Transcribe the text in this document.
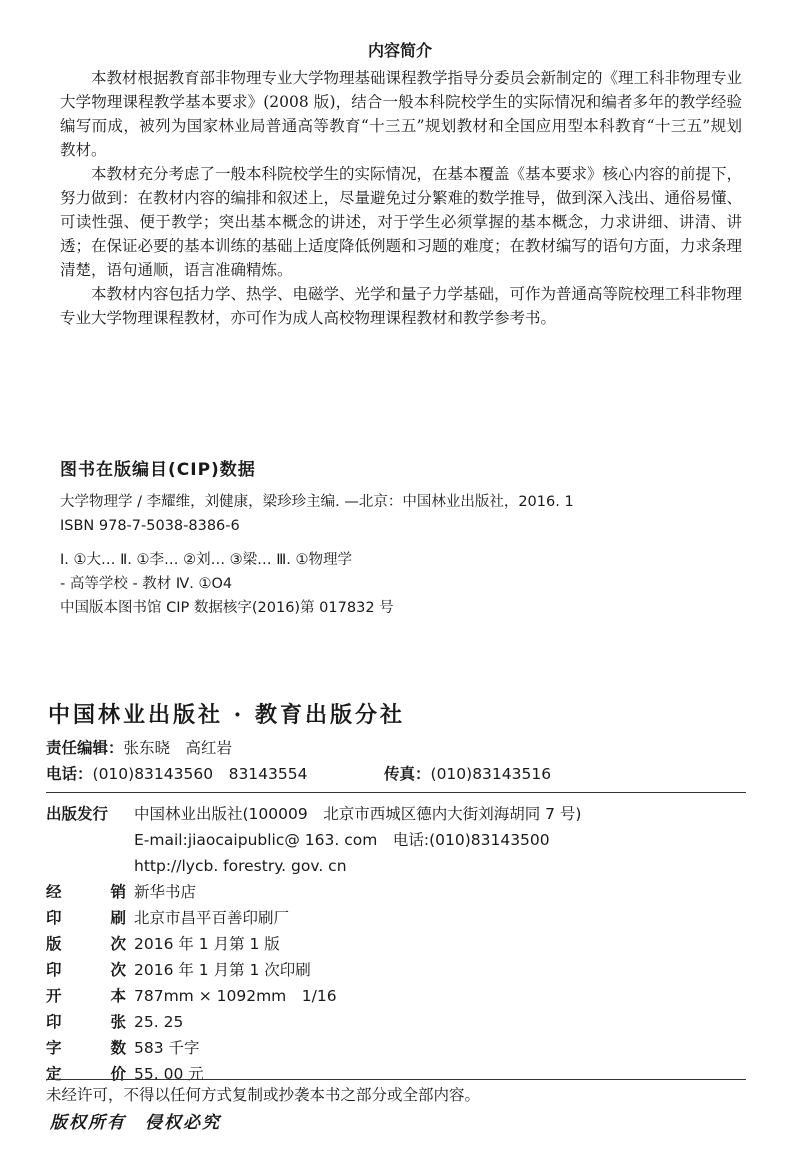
内容简介

本教材根据教育部非物理专业大学物理基础课程教学指导分委员会新制定的《理工科非物理专业大学物理课程教学基本要求》(2008 版)，结合一般本科院校学生的实际情况和编者多年的教学经验编写而成，被列为国家林业局普通高等教育“十三五”规划教材和全国应用型本科教育“十三五”规划教材。

本教材充分考虑了一般本科院校学生的实际情况，在基本覆盖《基本要求》核心内容的前提下，努力做到：在教材内容的编排和叙述上，尽量避免过分繁难的数学推导，做到深入浅出、通俗易懂、可读性强、便于教学；突出基本概念的讲述，对于学生必须掌握的基本概念，力求讲细、讲清、讲透；在保证必要的基本训练的基础上适度降低例题和习题的难度；在教材编写的语句方面，力求条理清楚，语句通顺，语言准确精炼。

本教材内容包括力学、热学、电磁学、光学和量子力学基础，可作为普通高等院校理工科非物理专业大学物理课程教材，亦可作为成人高校物理课程教材和教学参考书。

图书在版编目(CIP)数据

大学物理学 / 李耀维，刘健康，梁珍珍主编. —北京：中国林业出版社，2016. 1

ISBN 978-7-5038-8386-6

Ⅰ. ①大… Ⅱ. ①李… ②刘… ③梁… Ⅲ. ①物理学

- 高等学校 - 教材 Ⅳ. ①O4

中国版本图书馆 CIP 数据核字(2016)第 017832 号

中国林业出版社 · 教育出版分社
责任编辑：张东晓　高红岩
电话：(010)83143560　83143554	传真：(010)83143516
出版发行	中国林业出版社(100009　北京市西城区德内大街刘海胡同 7 号)
E-mail:jiaocaipublic@ 163. com　电话:(010)83143500
http://lycb. forestry. gov. cn
经	销 新华书店
印	刷 北京市昌平百善印刷厂
版	次 2016 年 1 月第 1 版
印	次 2016 年 1 月第 1 次印刷
开	本 787mm × 1092mm　1/16
印	张 25. 25
字	数 583 千字
定	价 55. 00 元
未经许可，不得以任何方式复制或抄袭本书之部分或全部内容。
版权所有　侵权必究
